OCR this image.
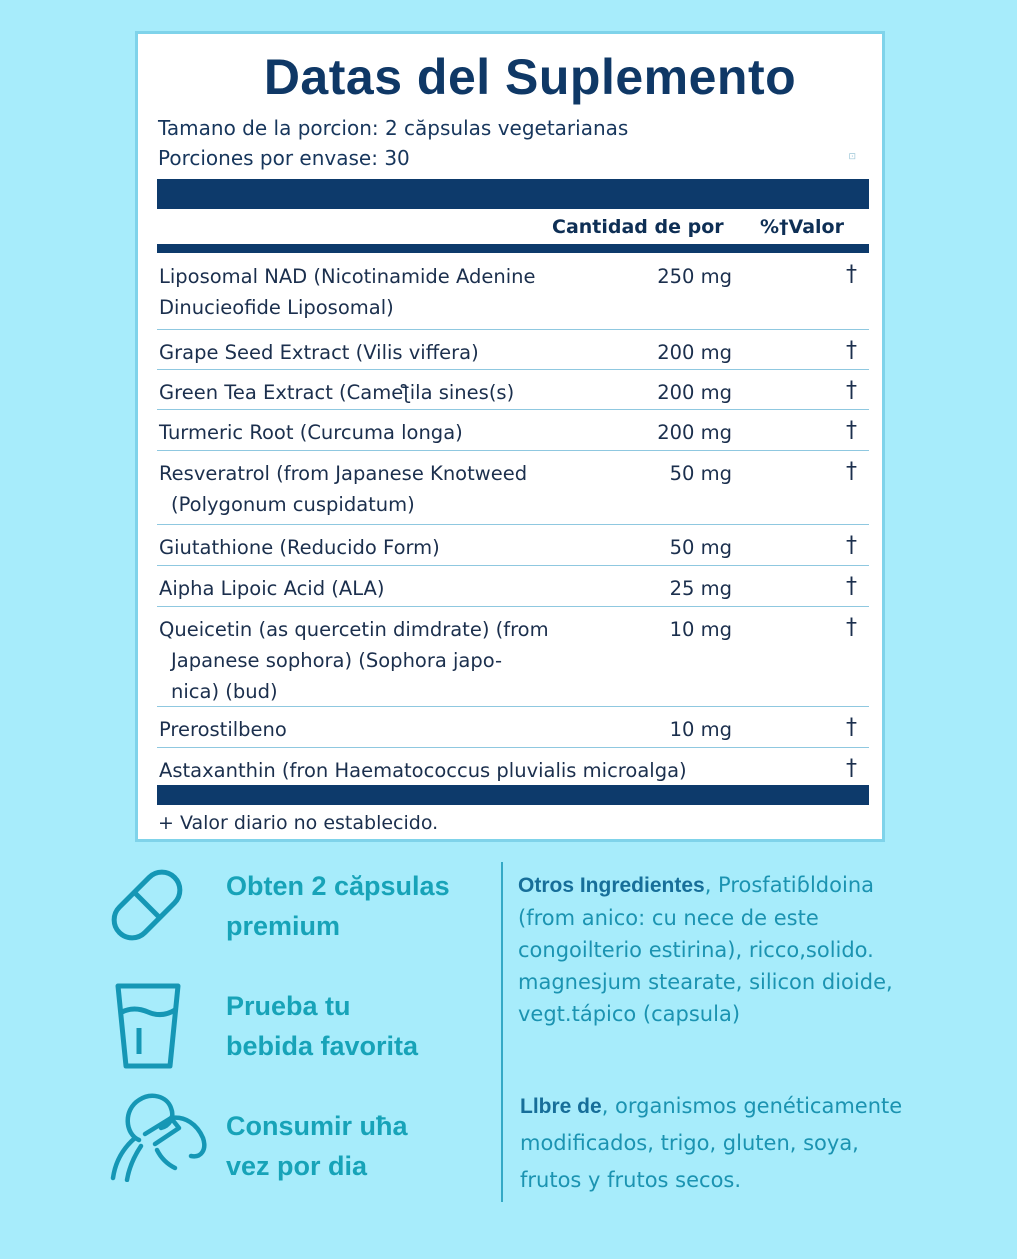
Datas del Suplemento
Tamano de la porcion: 2 căpsulas vegetarianas
Porciones por envase: 30	⊡
Cantidad de por %†Valor
Liposomal NAD (Nicotinamide Adenine
Dinucieofide Liposomal)
250 mg	†
Grape Seed Extract (Vilis viffera)	200 mg	†
Green Tea Extract (Cameƪila sines(s)	200 mg	†
Turmeric Root (Curcuma longa)	200 mg	†
Resveratrol (from Japanese Knotweed
(Polygonum cuspidatum)
50 mg	†
Giutathione (Reducido Form)	50 mg	†
Aipha Lipoic Acid (ALA)	25 mg	†
Queicetin (as quercetin dimdrate) (from
Japanese sophora) (Sophora japo-
nica) (bud)
10 mg	†
Prerostilbeno	10 mg	†
Astaxanthin (fron Haematococcus pluvialis microalga)	†
+ Valor diario no establecido.
Obten 2 căpsulas
premium
Prueba tu
bebida favorita
Consumir uħa
vez por dia
Otros Ingredientes, Prosfatiɓldoina
(from anico: cu nece de este
congoilterio estirina), ricco,solido.
magnesjum stearate, silicon dioide,
vegt.tápico (capsula)
Llbre de, organismos genéticamente
modificados, trigo, gluten, soya,
frutos y frutos secos.
